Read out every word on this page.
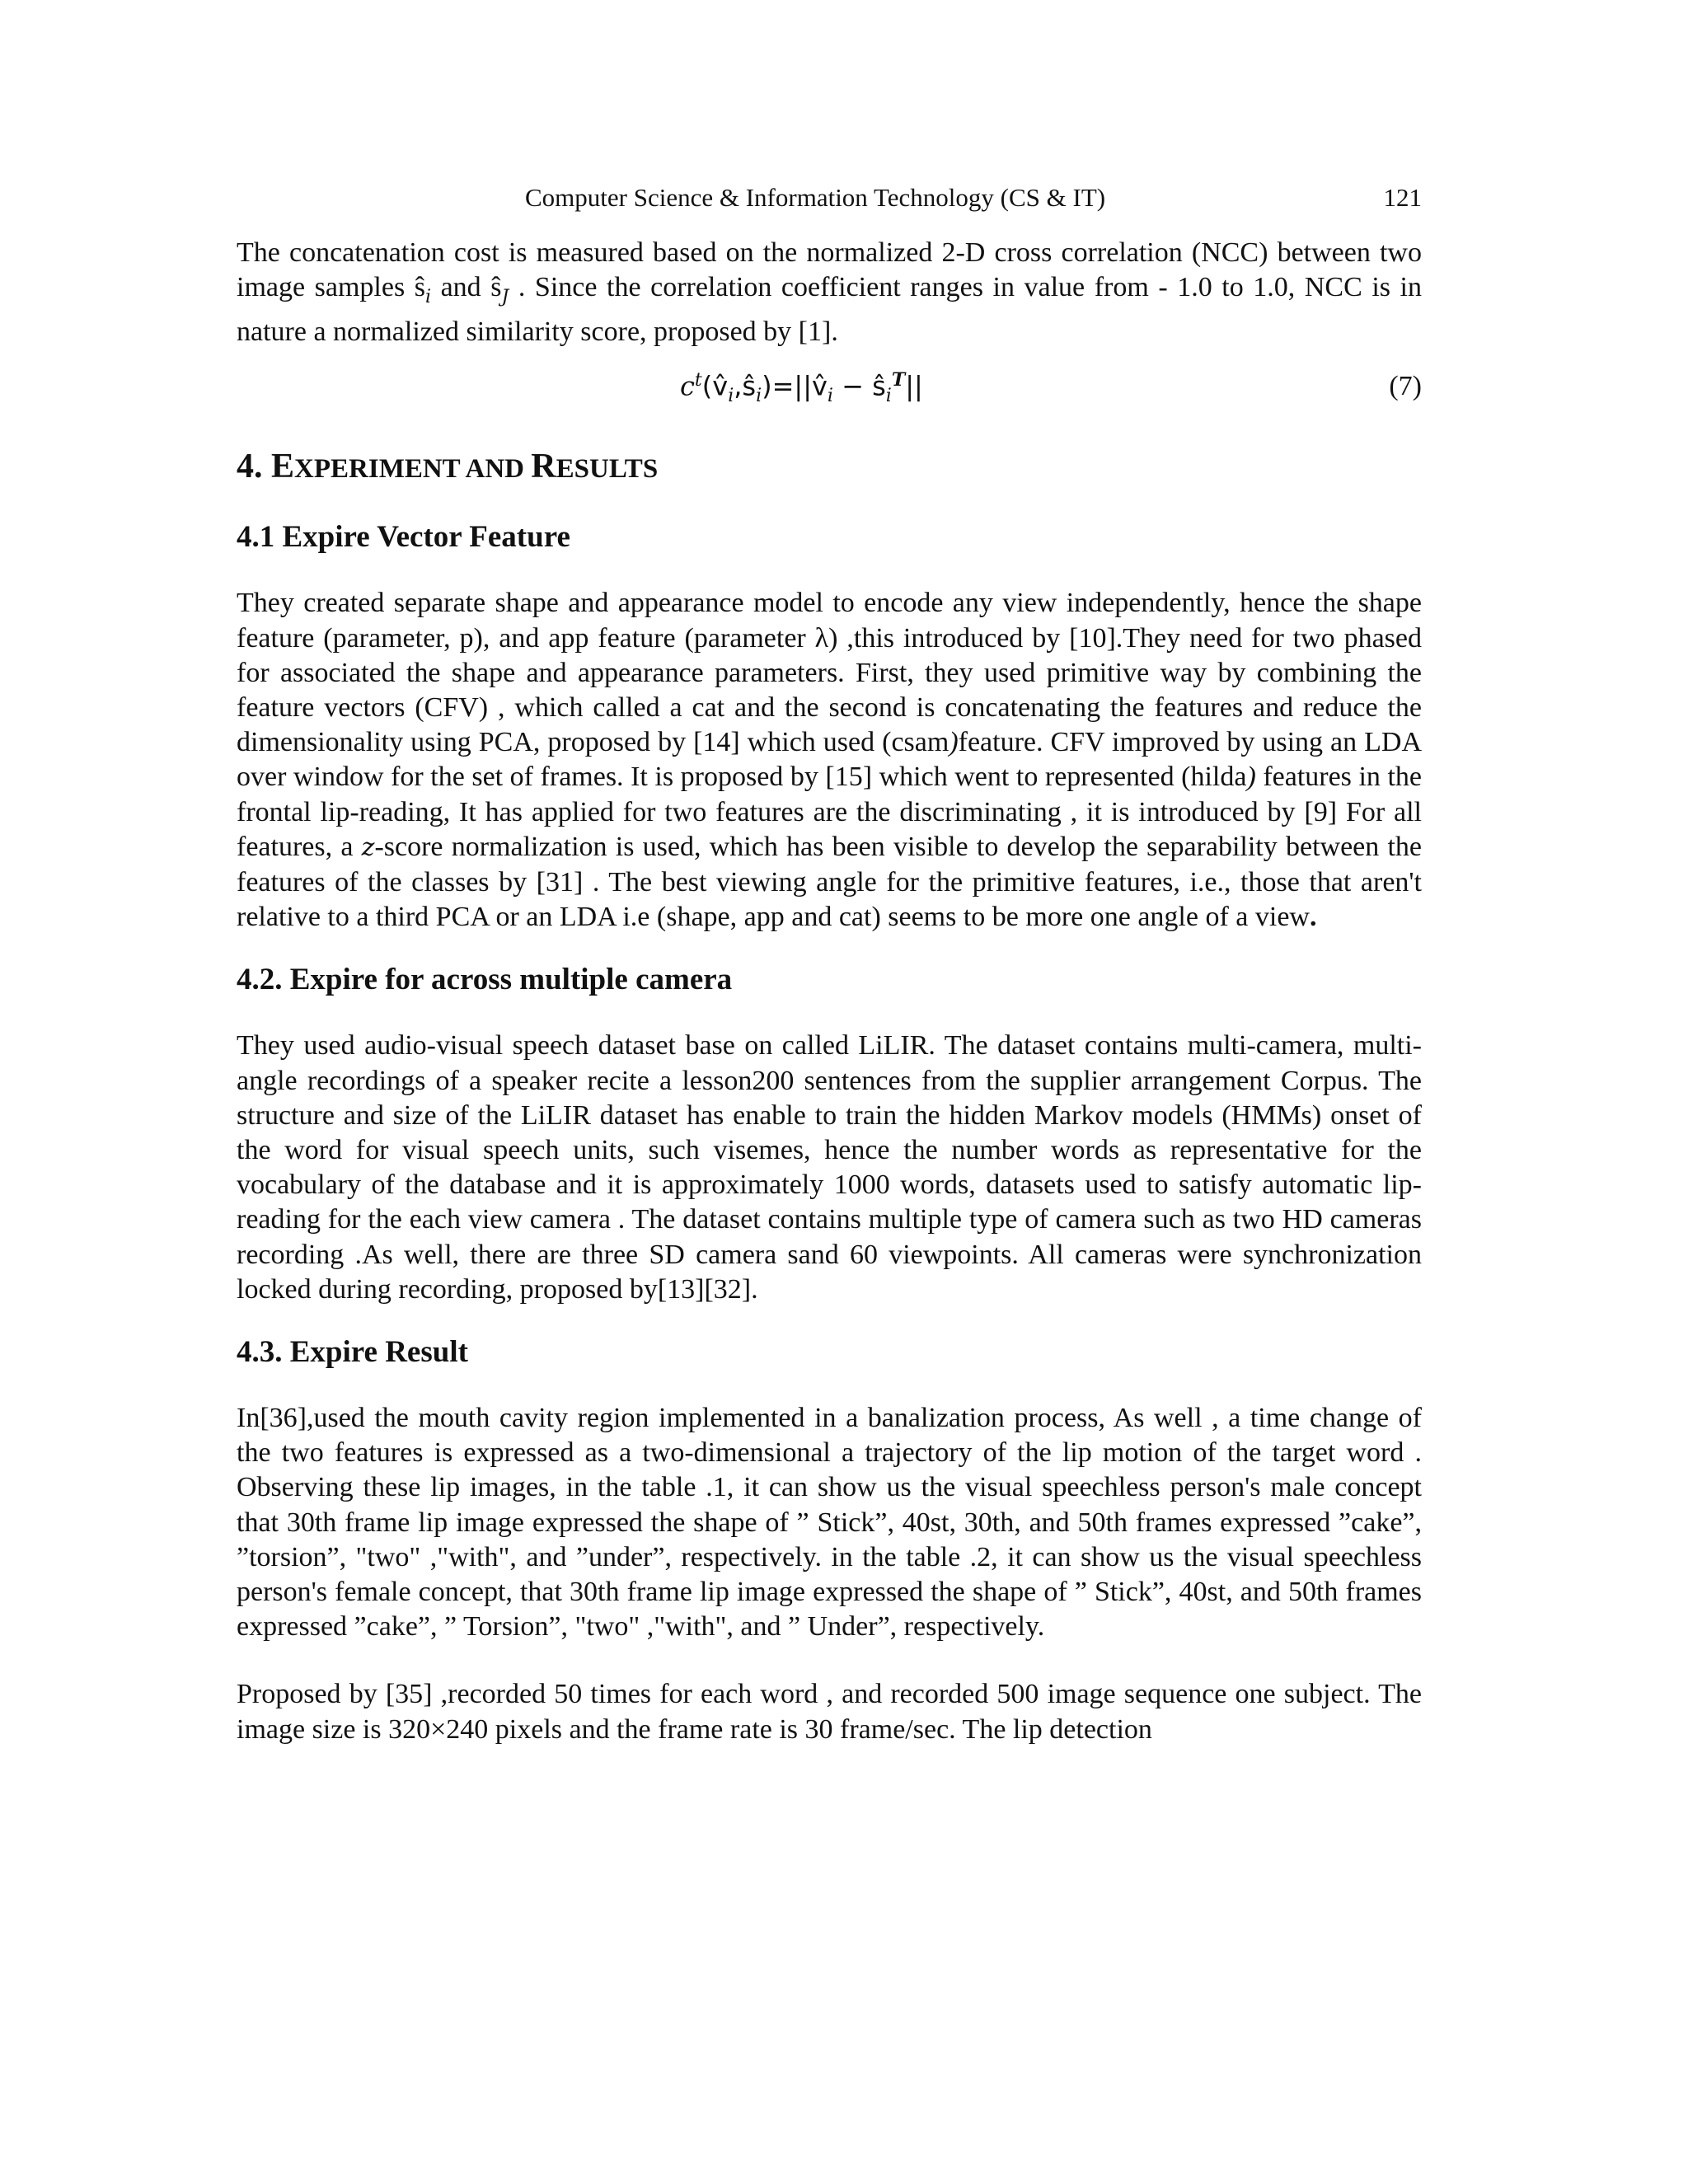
Computer Science & Information Technology (CS & IT)	121

The concatenation cost is measured based on the normalized 2-D cross correlation (NCC) between two image samples $ŝ_i$ and $ŝ_J$ . Since the correlation coefficient ranges in value from - 1.0 to 1.0, NCC is in nature a normalized similarity score, proposed by [1].

$c^t(v̂_i,ŝ_i)=||v̂_i$ − $ŝ_i^T||$	(7)
4. EXPERIMENT AND RESULTS
4.1 Expire Vector Feature

They created separate shape and appearance model to encode any view independently, hence the shape feature (parameter, p), and app feature (parameter λ) ,this introduced by [10].They need for two phased for associated the shape and appearance parameters. First, they used primitive way by combining the feature vectors (CFV) , which called a cat and the second is concatenating the features and reduce the dimensionality using PCA, proposed by [14] which used (csam)feature. CFV improved by using an LDA over window for the set of frames. It is proposed by [15] which went to represented (hilda) features in the frontal lip-reading, It has applied for two features are the discriminating , it is introduced by [9] For all features, a z-score normalization is used, which has been visible to develop the separability between the features of the classes by [31] . The best viewing angle for the primitive features, i.e., those that aren't relative to a third PCA or an LDA i.e (shape, app and cat) seems to be more one angle of a view.

4.2. Expire for across multiple camera

They used audio-visual speech dataset base on called LiLIR. The dataset contains multi-camera, multi-angle recordings of a speaker recite a lesson200 sentences from the supplier arrangement Corpus. The structure and size of the LiLIR dataset has enable to train the hidden Markov models (HMMs) onset of the word for visual speech units, such visemes, hence the number words as representative for the vocabulary of the database and it is approximately 1000 words, datasets used to satisfy automatic lip-reading for the each view camera . The dataset contains multiple type of camera such as two HD cameras recording .As well, there are three SD camera sand 60 viewpoints. All cameras were synchronization locked during recording, proposed by[13][32].

4.3. Expire Result

In[36],used the mouth cavity region implemented in a banalization process, As well , a time change of the two features is expressed as a two-dimensional a trajectory of the lip motion of the target word . Observing these lip images, in the table .1, it can show us the visual speechless person's male concept that 30th frame lip image expressed the shape of ” Stick”, 40st, 30th, and 50th frames expressed ”cake”, ”torsion”, "two" ,"with", and ”under”, respectively. in the table .2, it can show us the visual speechless person's female concept, that 30th frame lip image expressed the shape of ” Stick”, 40st, and 50th frames expressed ”cake”, ” Torsion”, "two" ,"with", and ” Under”, respectively.

Proposed by [35] ,recorded 50 times for each word , and recorded 500 image sequence one subject. The image size is 320×240 pixels and the frame rate is 30 frame/sec. The lip detection
